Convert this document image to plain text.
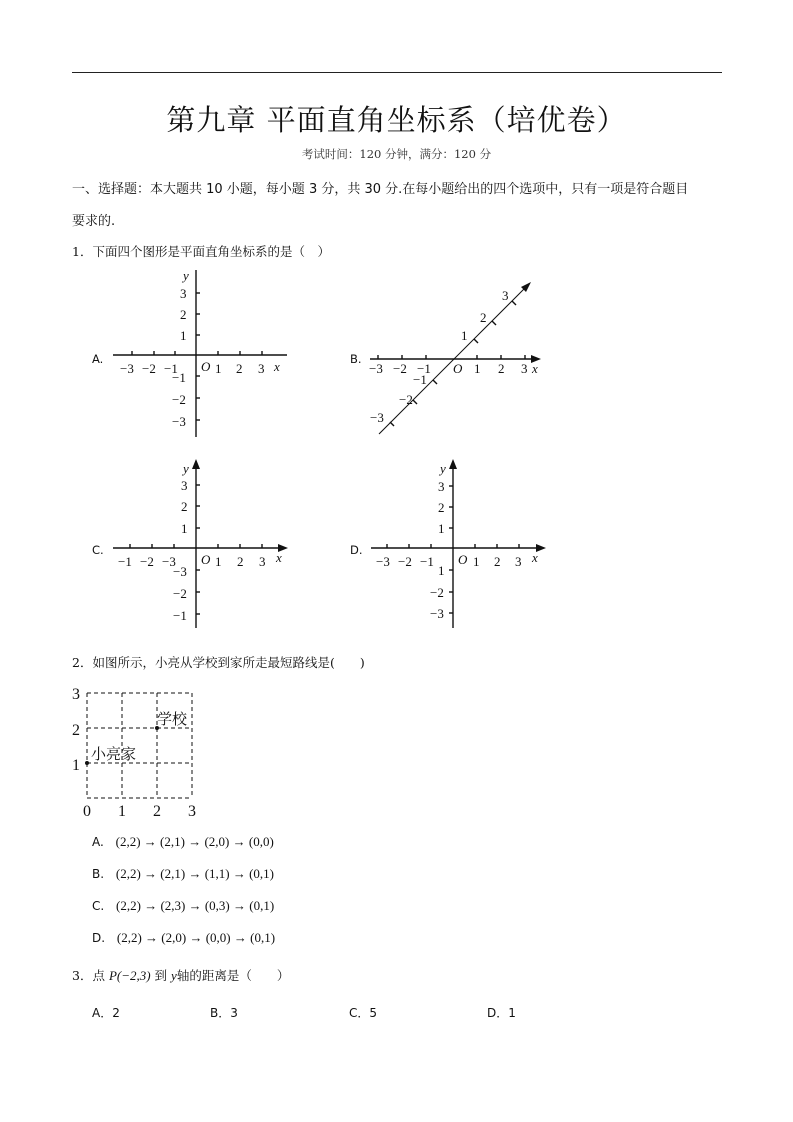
第九章 平面直角坐标系（培优卷）
考试时间：120 分钟，满分：120 分
一、选择题：本大题共 10 小题，每小题 3 分，共 30 分.在每小题给出的四个选项中，只有一项是符合题目
要求的.
1．下面四个图形是平面直角坐标系的是（　）
A.
−3 −2 −1	1 2 3
3
2
1
−1
−2
−3
O	x
y
B.
−3 −2 −1	1 2 3
1
2
3
−1
−2
−3
O	x
C.
−1 −2 −3	1 2 3
3
2
1
−3
−2
−1
O	x
y
D.
−3 −2 −1	1 2 3
3
2
1
1
−2
−3
O	x
y
2．如图所示，小亮从学校到家所走最短路线是(　　)
0 1 2 3
1
2
3
学校
小亮家
A. (2,2) → (2,1) → (2,0) → (0,0)
B. (2,2) → (2,1) → (1,1) → (0,1)
C. (2,2) → (2,3) → (0,3) → (0,1)
D. (2,2) → (2,0) → (0,0) → (0,1)
3．点 P(−2,3) 到 y轴的距离是（　　）
A．2	B．3	C．5	D．1
